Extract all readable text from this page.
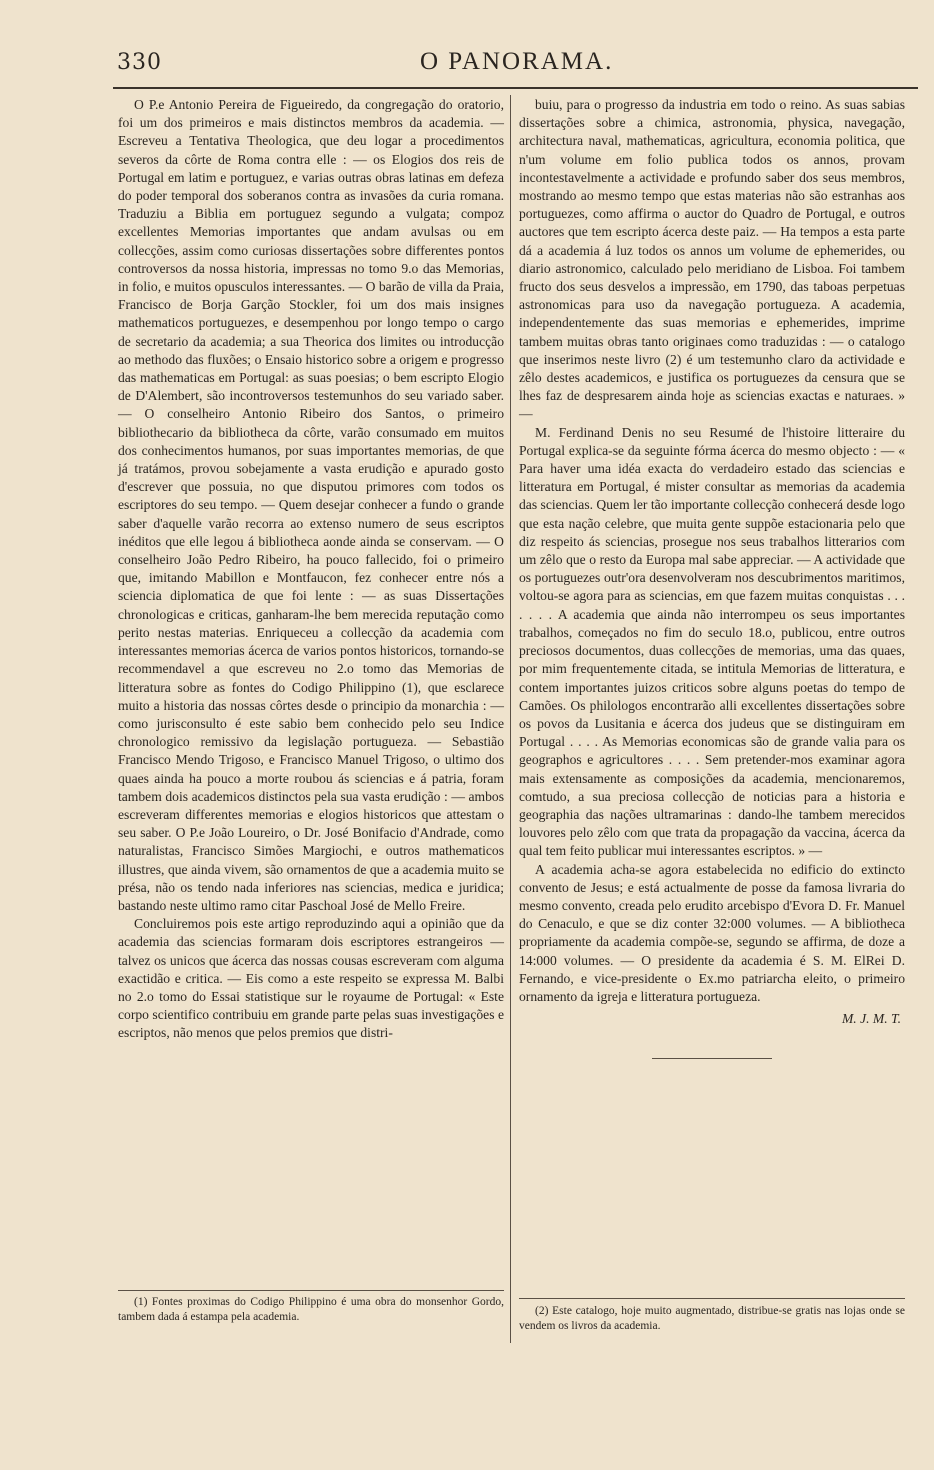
330	O PANORAMA.

O P.e Antonio Pereira de Figueiredo, da congregação do oratorio, foi um dos primeiros e mais distinctos membros da academia. — Escreveu a Tentativa Theologica, que deu logar a procedimentos severos da côrte de Roma contra elle : — os Elogios dos reis de Portugal em latim e portuguez, e varias outras obras latinas em defeza do poder temporal dos soberanos contra as invasões da curia romana. Traduziu a Biblia em portuguez segundo a vulgata; compoz excellentes Memorias importantes que andam avulsas ou em collecções, assim como curiosas dissertações sobre differentes pontos controversos da nossa historia, impressas no tomo 9.o das Memorias, in folio, e muitos opusculos interessantes. — O barão de villa da Praia, Francisco de Borja Garção Stockler, foi um dos mais insignes mathematicos portuguezes, e desempenhou por longo tempo o cargo de secretario da academia; a sua Theorica dos limites ou introducção ao methodo das fluxões; o Ensaio historico sobre a origem e progresso das mathematicas em Portugal: as suas poesias; o bem escripto Elogio de D'Alembert, são incontroversos testemunhos do seu variado saber. — O conselheiro Antonio Ribeiro dos Santos, o primeiro bibliothecario da bibliotheca da côrte, varão consumado em muitos dos conhecimentos humanos, por suas importantes memorias, de que já tratámos, provou sobejamente a vasta erudição e apurado gosto d'escrever que possuia, no que disputou primores com todos os escriptores do seu tempo. — Quem desejar conhecer a fundo o grande saber d'aquelle varão recorra ao extenso numero de seus escriptos inéditos que elle legou á bibliotheca aonde ainda se conservam. — O conselheiro João Pedro Ribeiro, ha pouco fallecido, foi o primeiro que, imitando Mabillon e Montfaucon, fez conhecer entre nós a sciencia diplomatica de que foi lente : — as suas Dissertações chronologicas e criticas, ganharam-lhe bem merecida reputação como perito nestas materias. Enriqueceu a collecção da academia com interessantes memorias ácerca de varios pontos historicos, tornando-se recommendavel a que escreveu no 2.o tomo das Memorias de litteratura sobre as fontes do Codigo Philippino (1), que esclarece muito a historia das nossas côrtes desde o principio da monarchia : — como jurisconsulto é este sabio bem conhecido pelo seu Indice chronologico remissivo da legislação portugueza. — Sebastião Francisco Mendo Trigoso, e Francisco Manuel Trigoso, o ultimo dos quaes ainda ha pouco a morte roubou ás sciencias e á patria, foram tambem dois academicos distinctos pela sua vasta erudição : — ambos escreveram differentes memorias e elogios historicos que attestam o seu saber. O P.e João Loureiro, o Dr. José Bonifacio d'Andrade, como naturalistas, Francisco Simões Margiochi, e outros mathematicos illustres, que ainda vivem, são ornamentos de que a academia muito se présa, não os tendo nada inferiores nas sciencias, medica e juridica; bastando neste ultimo ramo citar Paschoal José de Mello Freire.

Concluiremos pois este artigo reproduzindo aqui a opinião que da academia das sciencias formaram dois escriptores estrangeiros — talvez os unicos que ácerca das nossas cousas escreveram com alguma exactidão e critica. — Eis como a este respeito se expressa M. Balbi no 2.o tomo do Essai statistique sur le royaume de Portugal: « Este corpo scientifico contribuiu em grande parte pelas suas investigações e escriptos, não menos que pelos premios que distri-

buiu, para o progresso da industria em todo o reino. As suas sabias dissertações sobre a chimica, astronomia, physica, navegação, architectura naval, mathematicas, agricultura, economia politica, que n'um volume em folio publica todos os annos, provam incontestavelmente a actividade e profundo saber dos seus membros, mostrando ao mesmo tempo que estas materias não são estranhas aos portuguezes, como affirma o auctor do Quadro de Portugal, e outros auctores que tem escripto ácerca deste paiz. — Ha tempos a esta parte dá a academia á luz todos os annos um volume de ephemerides, ou diario astronomico, calculado pelo meridiano de Lisboa. Foi tambem fructo dos seus desvelos a impressão, em 1790, das taboas perpetuas astronomicas para uso da navegação portugueza. A academia, independentemente das suas memorias e ephemerides, imprime tambem muitas obras tanto originaes como traduzidas : — o catalogo que inserimos neste livro (2) é um testemunho claro da actividade e zêlo destes academicos, e justifica os portuguezes da censura que se lhes faz de despresarem ainda hoje as sciencias exactas e naturaes. » —

M. Ferdinand Denis no seu Resumé de l'histoire litteraire du Portugal explica-se da seguinte fórma ácerca do mesmo objecto : — « Para haver uma idéa exacta do verdadeiro estado das sciencias e litteratura em Portugal, é mister consultar as memorias da academia das sciencias. Quem ler tão importante collecção conhecerá desde logo que esta nação celebre, que muita gente suppõe estacionaria pelo que diz respeito ás sciencias, prosegue nos seus trabalhos litterarios com um zêlo que o resto da Europa mal sabe appreciar. — A actividade que os portuguezes outr'ora desenvolveram nos descubrimentos maritimos, voltou-se agora para as sciencias, em que fazem muitas conquistas . . . . . . . A academia que ainda não interrompeu os seus importantes trabalhos, começados no fim do seculo 18.o, publicou, entre outros preciosos documentos, duas collecções de memorias, uma das quaes, por mim frequentemente citada, se intitula Memorias de litteratura, e contem importantes juizos criticos sobre alguns poetas do tempo de Camões. Os philologos encontrarão alli excellentes dissertações sobre os povos da Lusitania e ácerca dos judeus que se distinguiram em Portugal . . . . As Memorias economicas são de grande valia para os geographos e agricultores . . . . Sem pretender-mos examinar agora mais extensamente as composições da academia, mencionaremos, comtudo, a sua preciosa collecção de noticias para a historia e geographia das nações ultramarinas : dando-lhe tambem merecidos louvores pelo zêlo com que trata da propagação da vaccina, ácerca da qual tem feito publicar mui interessantes escriptos. » —

A academia acha-se agora estabelecida no edificio do extincto convento de Jesus; e está actualmente de posse da famosa livraria do mesmo convento, creada pelo erudito arcebispo d'Evora D. Fr. Manuel do Cenaculo, e que se diz conter 32:000 volumes. — A bibliotheca propriamente da academia compõe-se, segundo se affirma, de doze a 14:000 volumes. — O presidente da academia é S. M. ElRei D. Fernando, e vice-presidente o Ex.mo patriarcha eleito, o primeiro ornamento da igreja e litteratura portugueza.

M. J. M. T.

(1) Fontes proximas do Codigo Philippino é uma obra do monsenhor Gordo, tambem dada á estampa pela academia.	(2) Este catalogo, hoje muito augmentado, distribue-se gratis nas lojas onde se vendem os livros da academia.
